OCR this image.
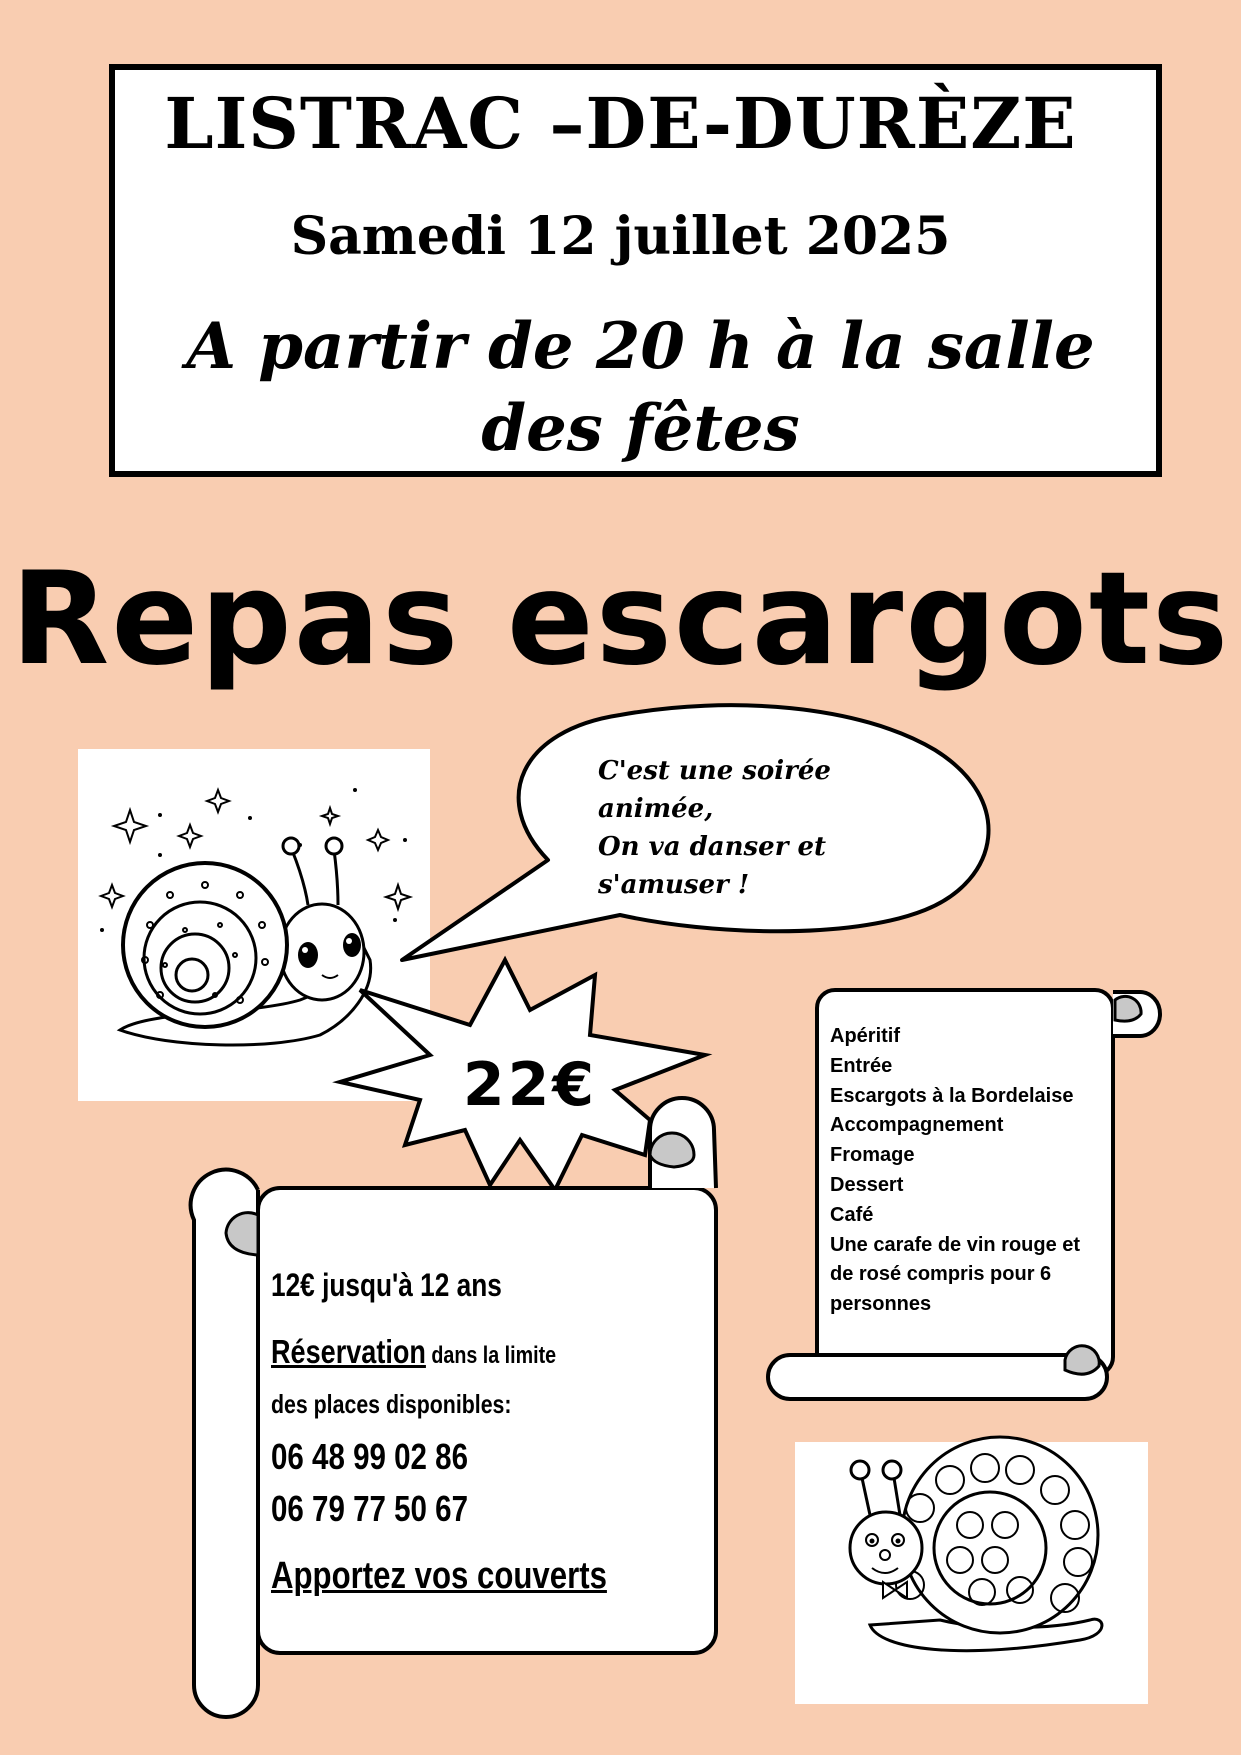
LISTRAC –DE-DURÈZE
Samedi 12 juillet 2025
A partir de 20 h à la salle
des fêtes
Repas escargots
C'est une soirée
animée,
On va danser et
s'amuser !
22€
Apéritif
Entrée
Escargots à la Bordelaise
Accompagnement
Fromage
Dessert
Café
Une carafe de vin rouge et
de rosé compris pour 6
personnes
12€ jusqu'à 12 ans
Réservation dans la limite
des places disponibles:
06 48 99 02 86
06 79 77 50 67
Apportez vos couverts
